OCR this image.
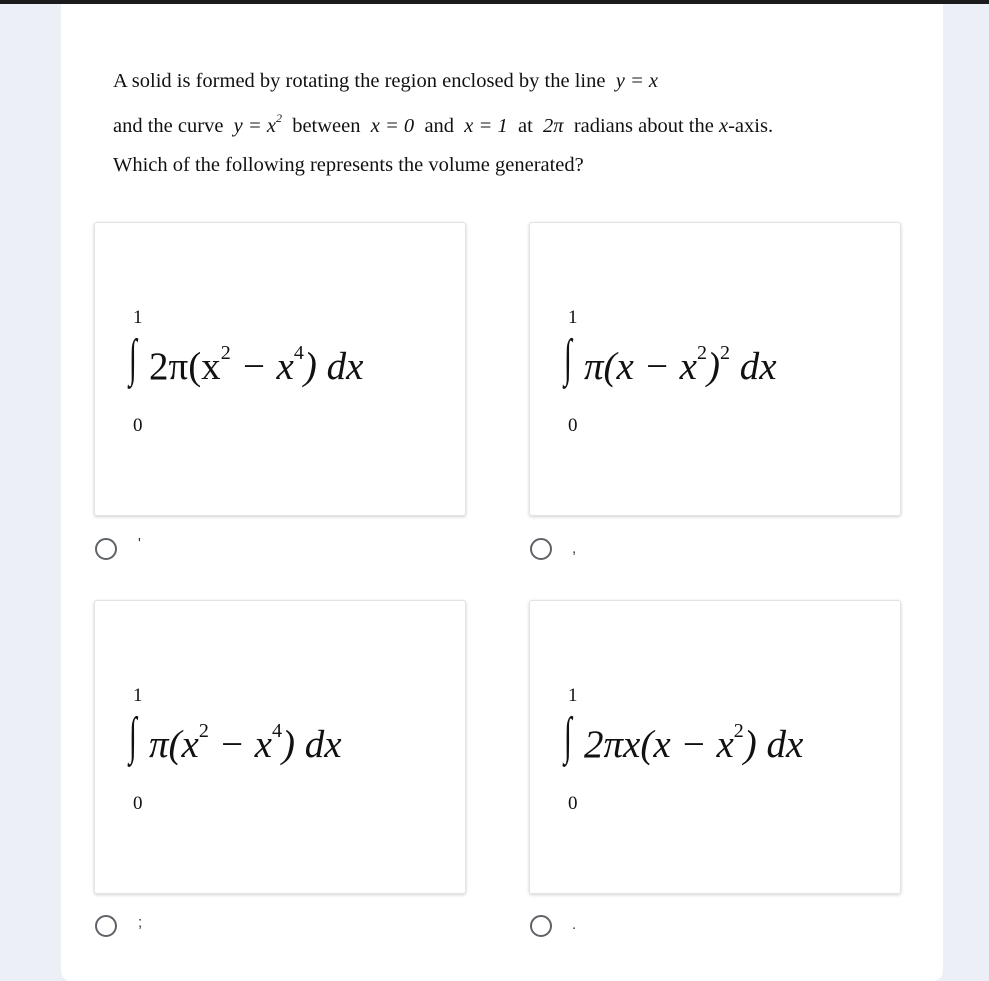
A solid is formed by rotating the region enclosed by the line y = x
and the curve $y = x^2$ between x = 0 and x = 1 at 2π radians about the x-axis.
Which of the following represents the volume generated?
1
∫
0
$2\pi(x^2 - x^4)$ dx
'
1
∫
0
$\pi(x - x^2)^2$ dx
,
1
∫
0
$\pi(x^2 - x^4)$ dx
;
1
∫
0
$2\pi x(x - x^2)$ dx
.
